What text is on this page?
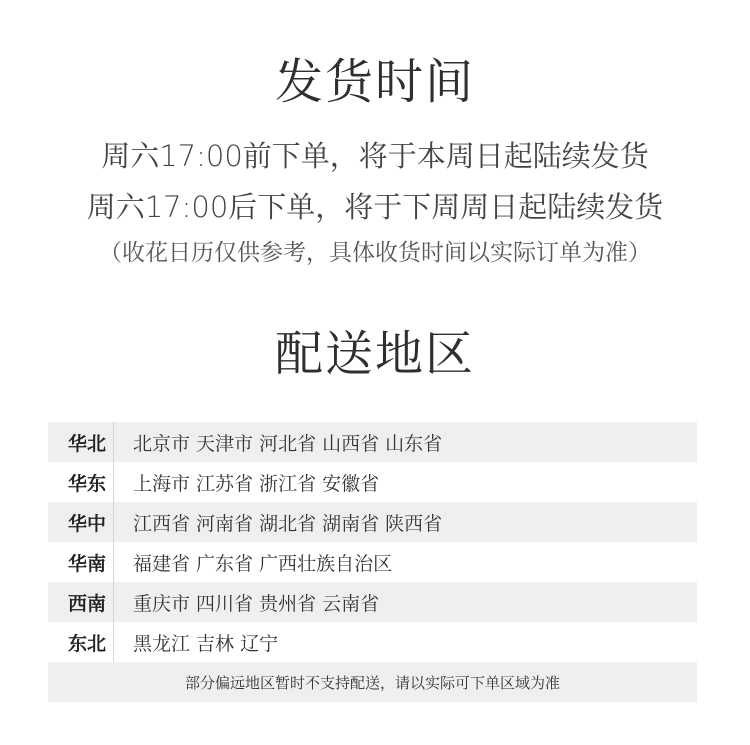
发货时间
周六17:00前下单，将于本周日起陆续发货
周六17:00后下单，将于下周周日起陆续发货
（收花日历仅供参考，具体收货时间以实际订单为准）
配送地区
华北	北京市 天津市 河北省 山西省 山东省
华东	上海市 江苏省 浙江省 安徽省
华中	江西省 河南省 湖北省 湖南省 陕西省
华南	福建省 广东省 广西壮族自治区
西南	重庆市 四川省 贵州省 云南省
东北	黑龙江 吉林 辽宁
部分偏远地区暂时不支持配送，请以实际可下单区域为准
